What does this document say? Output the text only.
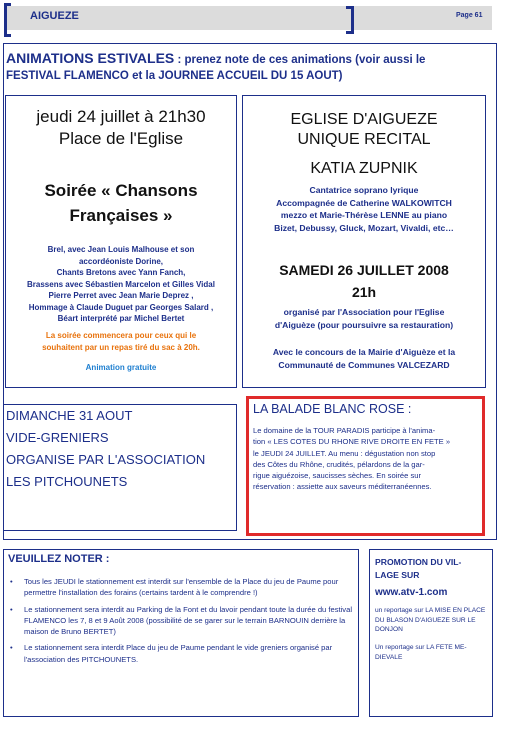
AIGUEZE	Page 61
ANIMATIONS ESTIVALES : prenez note de ces animations (voir aussi le
FESTIVAL FLAMENCO et la JOURNEE ACCUEIL DU 15 AOUT)
jeudi 24 juillet à 21h30
Place de l'Eglise
Soirée « Chansons
Françaises »
Brel, avec Jean Louis Malhouse et son
accordéoniste Dorine,
Chants Bretons avec Yann Fanch,
Brassens avec Sébastien Marcelon et Gilles Vidal
Pierre Perret avec Jean Marie Deprez ,
Hommage à Claude Duguet par Georges Salard ,
Béart interprété par Michel Bertet
La soirée commencera pour ceux qui le
souhaitent par un repas tiré du sac à 20h.
Animation gratuite
EGLISE D'AIGUEZE
UNIQUE RECITAL
KATIA ZUPNIK
Cantatrice soprano lyrique
Accompagnée de Catherine WALKOWITCH
mezzo et Marie-Thérèse LENNE au piano
Bizet, Debussy, Gluck, Mozart, Vivaldi, etc…
SAMEDI 26 JUILLET 2008
21h
organisé par l'Association pour l'Eglise
d'Aiguèze (pour poursuivre sa restauration)
Avec le concours de la Mairie d'Aiguèze et la
Communauté de Communes VALCEZARD
DIMANCHE 31 AOUT
VIDE-GRENIERS
ORGANISE PAR L'ASSOCIATION
LES PITCHOUNETS
LA BALADE BLANC ROSE :
Le domaine de la TOUR PARADIS participe à l'anima-
tion « LES COTES DU RHONE RIVE DROITE EN FETE »
le JEUDI 24 JUILLET. Au menu : dégustation non stop
des Côtes du Rhône, crudités, pélardons de la gar-
rigue aiguézoise, saucisses sèches. En soirée sur
réservation : assiette aux saveurs méditerranéennes.
VEUILLEZ NOTER :
• Tous les JEUDI le stationnement est interdit sur l'ensemble de la Place du jeu de Paume pour permettre l'installation des forains (certains tardent à le comprendre !)
• Le stationnement sera interdit au Parking de la Font et du lavoir pendant toute la durée du festival FLAMENCO les 7, 8 et 9 Août 2008 (possibilité de se garer sur le terrain BARNOUIN derrière la maison de Bruno BERTET)
• Le stationnement sera interdit Place du jeu de Paume pendant le vide greniers organisé par l'association des PITCHOUNETS.
PROMOTION DU VIL-
LAGE SUR
www.atv-1.com
un reportage sur LA MISE EN PLACE DU BLASON D'AIGUEZE SUR LE DONJON
Un reportage sur LA FETE ME-DIEVALE
